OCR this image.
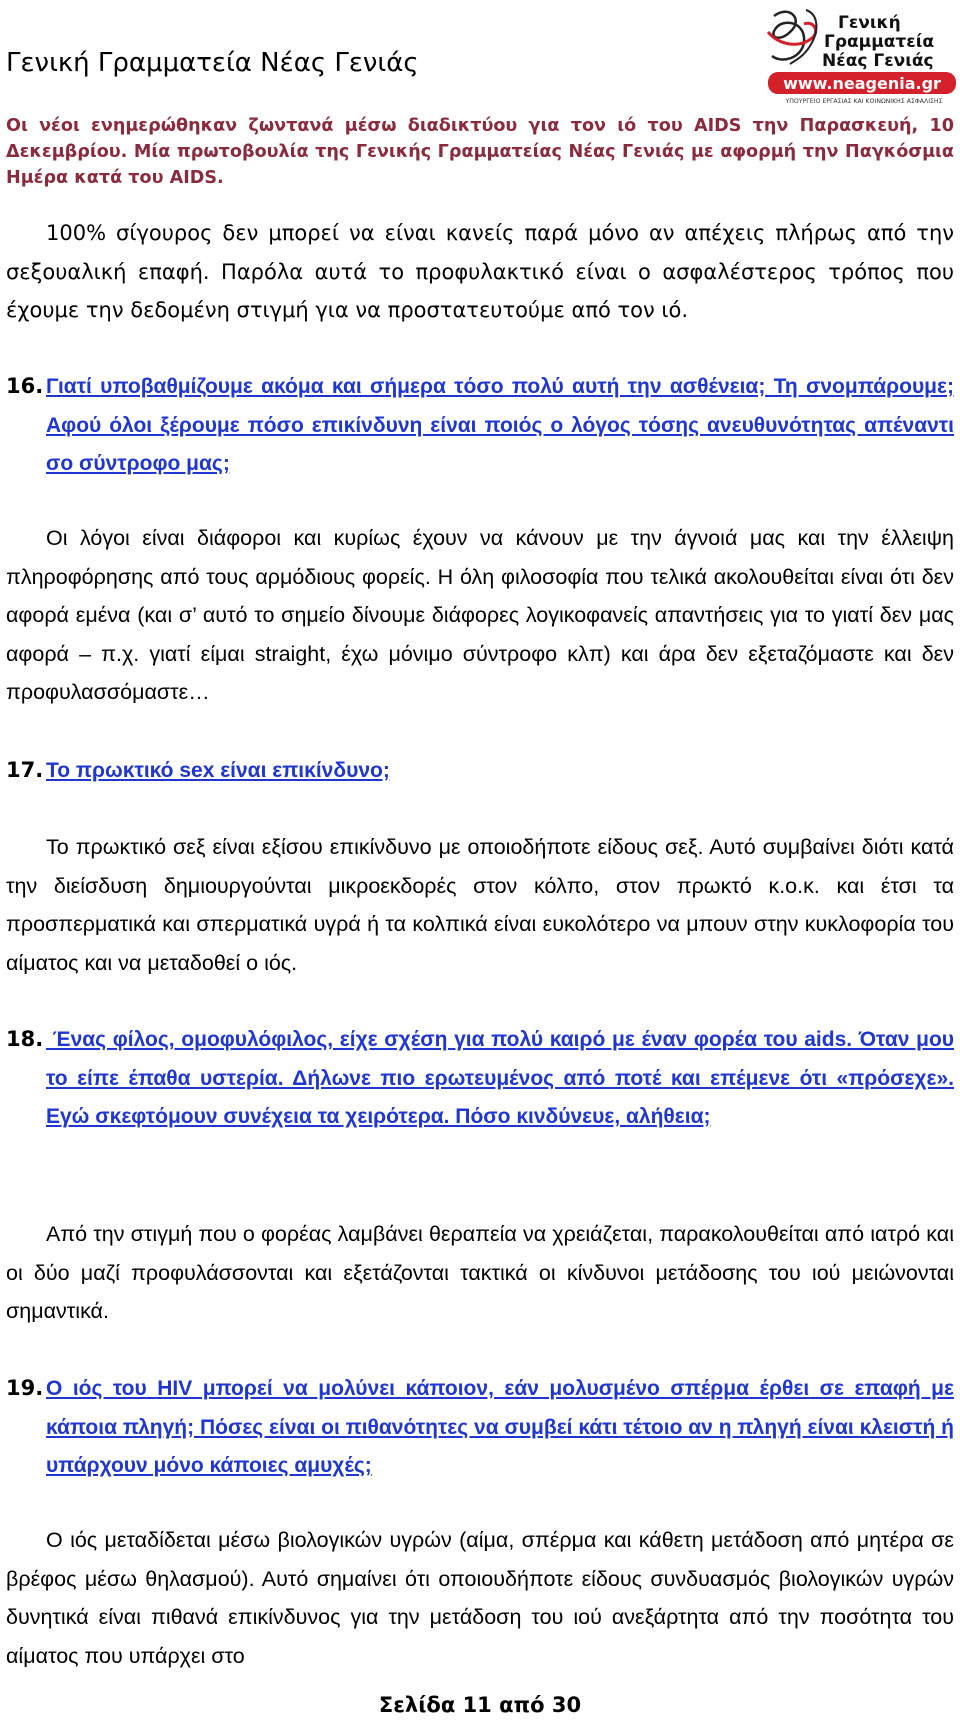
Γενική Γραμματεία Νέας Γενιάς
Γενική
Γραμματεία
Νέας Γενιάς
www.neagenia.gr
ΥΠΟΥΡΓΕΙΟ ΕΡΓΑΣΙΑΣ ΚΑΙ ΚΟΙΝΩΝΙΚΗΣ ΑΣΦΑΛΙΣΗΣ

Οι νέοι ενημερώθηκαν ζωντανά μέσω διαδικτύου για τον ιό του AIDS την Παρασκευή, 10 Δεκεμβρίου. Μία πρωτοβουλία της Γενικής Γραμματείας Νέας Γενιάς με αφορμή την Παγκόσμια Ημέρα κατά του AIDS.

100% σίγουρος δεν μπορεί να είναι κανείς παρά μόνο αν απέχεις πλήρως από την σεξουαλική επαφή. Παρόλα αυτά το προφυλακτικό είναι ο ασφαλέστερος τρόπος που έχουμε την δεδομένη στιγμή για να προστατευτούμε από τον ιό.

16. Γιατί υποβαθμίζουμε ακόμα και σήμερα τόσο πολύ αυτή την ασθένεια; Τη σνομπάρουμε; Αφού όλοι ξέρουμε πόσο επικίνδυνη είναι ποιός ο λόγος τόσης ανευθυνότητας απέναντι σο σύντροφο μας;

Οι λόγοι είναι διάφοροι και κυρίως έχουν να κάνουν με την άγνοιά μας και την έλλειψη πληροφόρησης από τους αρμόδιους φορείς. Η όλη φιλοσοφία που τελικά ακολουθείται είναι ότι δεν αφορά εμένα (και σ’ αυτό το σημείο δίνουμε διάφορες λογικοφανείς απαντήσεις για το γιατί δεν μας αφορά – π.χ. γιατί είμαι straight, έχω μόνιμο σύντροφο κλπ) και άρα δεν εξεταζόμαστε και δεν προφυλασσόμαστε…

17. Το πρωκτικό sex είναι επικίνδυνο;

Το πρωκτικό σεξ είναι εξίσου επικίνδυνο με οποιοδήποτε είδους σεξ. Αυτό συμβαίνει διότι κατά την διείσδυση δημιουργούνται μικροεκδορές στον κόλπο, στον πρωκτό κ.ο.κ. και έτσι τα προσπερματικά και σπερματικά υγρά ή τα κολπικά είναι ευκολότερο να μπουν στην κυκλοφορία του αίματος και να μεταδοθεί ο ιός.

18. Ένας φίλος, ομοφυλόφιλος, είχε σχέση για πολύ καιρό με έναν φορέα του aids. Όταν μου το είπε έπαθα υστερία. Δήλωνε πιο ερωτευμένος από ποτέ και επέμενε ότι «πρόσεχε». Εγώ σκεφτόμουν συνέχεια τα χειρότερα. Πόσο κινδύνευε, αλήθεια;

Από την στιγμή που ο φορέας λαμβάνει θεραπεία να χρειάζεται, παρακολουθείται από ιατρό και οι δύο μαζί προφυλάσσονται και εξετάζονται τακτικά οι κίνδυνοι μετάδοσης του ιού μειώνονται σημαντικά.

19. Ο ιός του HIV μπορεί να μολύνει κάποιον, εάν μολυσμένο σπέρμα έρθει σε επαφή με κάποια πληγή; Πόσες είναι οι πιθανότητες να συμβεί κάτι τέτοιο αν η πληγή είναι κλειστή ή υπάρχουν μόνο κάποιες αμυχές;

Ο ιός μεταδίδεται μέσω βιολογικών υγρών (αίμα, σπέρμα και κάθετη μετάδοση από μητέρα σε βρέφος μέσω θηλασμού). Αυτό σημαίνει ότι οποιουδήποτε είδους συνδυασμός βιολογικών υγρών δυνητικά είναι πιθανά επικίνδυνος για την μετάδοση του ιού ανεξάρτητα από την ποσότητα του αίματος που υπάρχει στο

Σελίδα 11 από 30
